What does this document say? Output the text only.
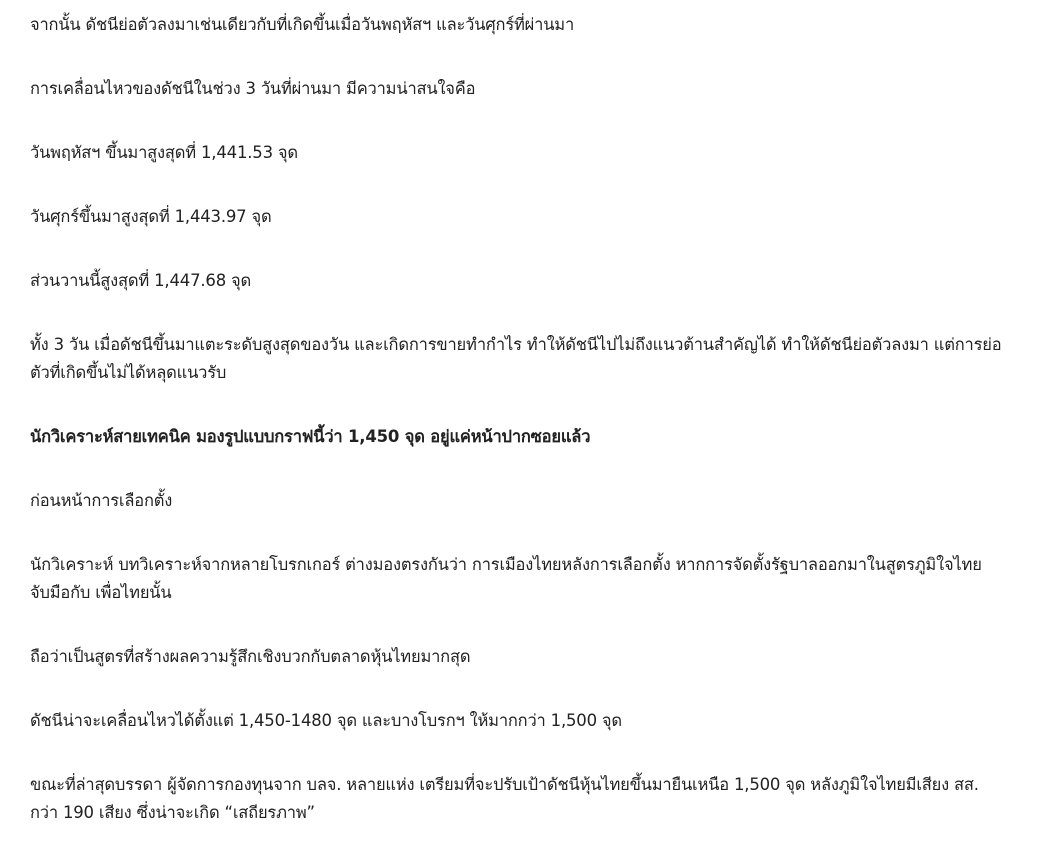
จากนั้น ดัชนีย่อตัวลงมาเช่นเดียวกับที่เกิดขึ้นเมื่อวันพฤหัสฯ และวันศุกร์ที่ผ่านมา

การเคลื่อนไหวของดัชนีในช่วง 3 วันที่ผ่านมา มีความน่าสนใจคือ

วันพฤหัสฯ ขึ้นมาสูงสุดที่ 1,441.53 จุด

วันศุกร์ขึ้นมาสูงสุดที่ 1,443.97 จุด

ส่วนวานนี้สูงสุดที่ 1,447.68 จุด

ทั้ง 3 วัน เมื่อดัชนีขึ้นมาแตะระดับสูงสุดของวัน และเกิดการขายทำกำไร ทำให้ดัชนีไปไม่ถึงแนวต้านสำคัญได้ ทำให้ดัชนีย่อตัวลงมา แต่การย่อตัวที่เกิดขึ้นไม่ได้หลุดแนวรับ

นักวิเคราะห์สายเทคนิค มองรูปแบบกราฟนี้ว่า 1,450 จุด อยู่แค่หน้าปากซอยแล้ว

ก่อนหน้าการเลือกตั้ง

นักวิเคราะห์ บทวิเคราะห์จากหลายโบรกเกอร์ ต่างมองตรงกันว่า การเมืองไทยหลังการเลือกตั้ง หากการจัดตั้งรัฐบาลออกมาในสูตรภูมิใจไทย จับมือกับ เพื่อไทยนั้น

ถือว่าเป็นสูตรที่สร้างผลความรู้สึกเชิงบวกกับตลาดหุ้นไทยมากสุด

ดัชนีน่าจะเคลื่อนไหวได้ตั้งแต่ 1,450-1480 จุด และบางโบรกฯ ให้มากกว่า 1,500 จุด

ขณะที่ล่าสุดบรรดา ผู้จัดการกองทุนจาก บลจ. หลายแห่ง เตรียมที่จะปรับเป้าดัชนีหุ้นไทยขึ้นมายืนเหนือ 1,500 จุด หลังภูมิใจไทยมีเสียง สส. กว่า 190 เสียง ซึ่งน่าจะเกิด “เสถียรภาพ”
